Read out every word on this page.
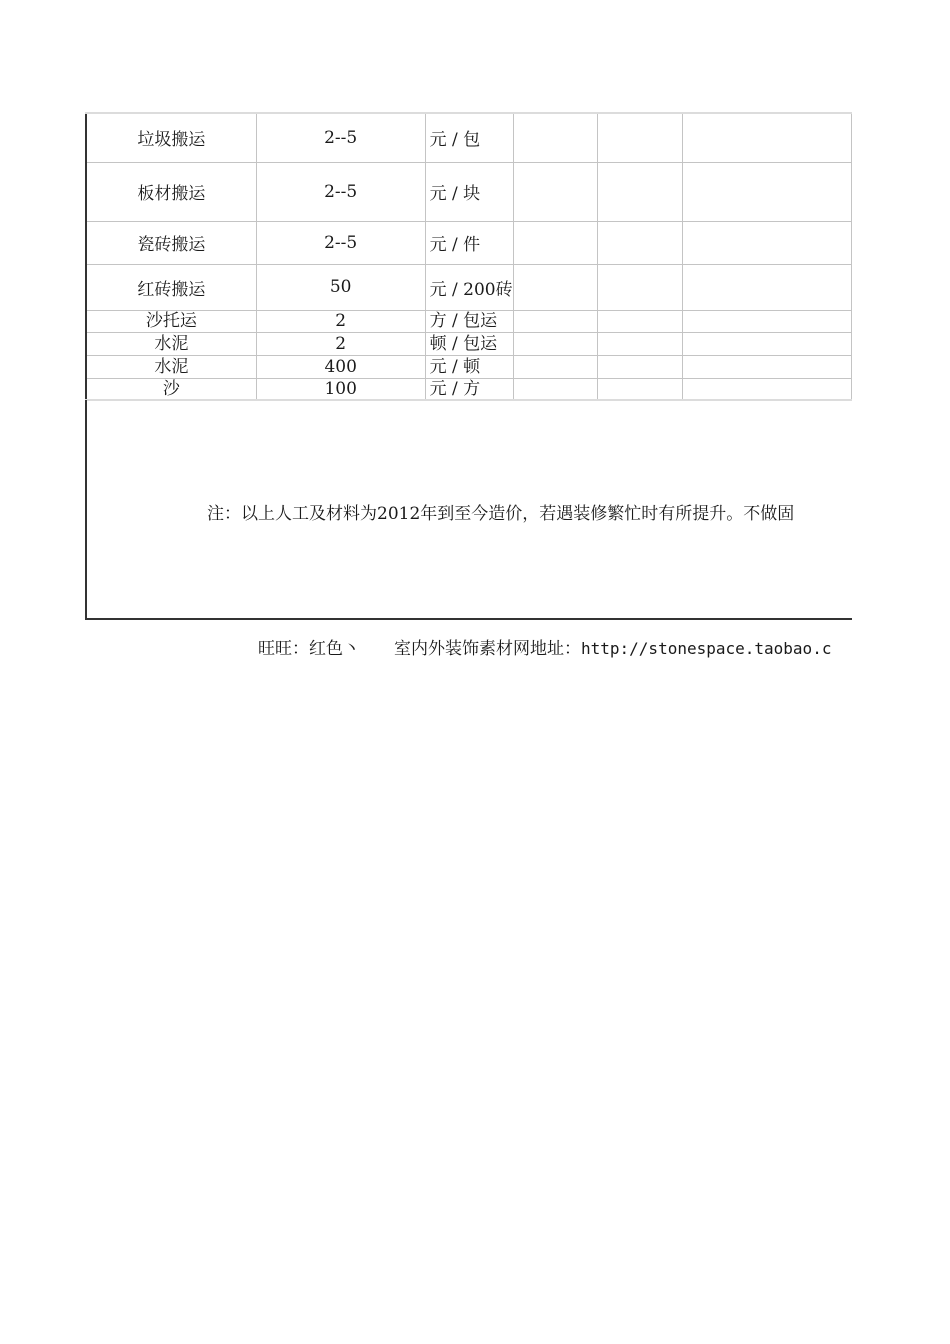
垃圾搬运	2--5	元 / 包			
板材搬运	2--5	元 / 块			
瓷砖搬运	2--5	元 / 件			
红砖搬运	50	元 / 200砖			
沙托运	2	方 / 包运			
水泥	2	顿 / 包运			
水泥	400	元 / 顿			
沙	100	元 / 方			
注：以上人工及材料为2012年到至今造价，若遇装修繁忙时有所提升。不做固
旺旺：红色丶 室内外装饰素材网地址：http://stonespace.taobao.c
